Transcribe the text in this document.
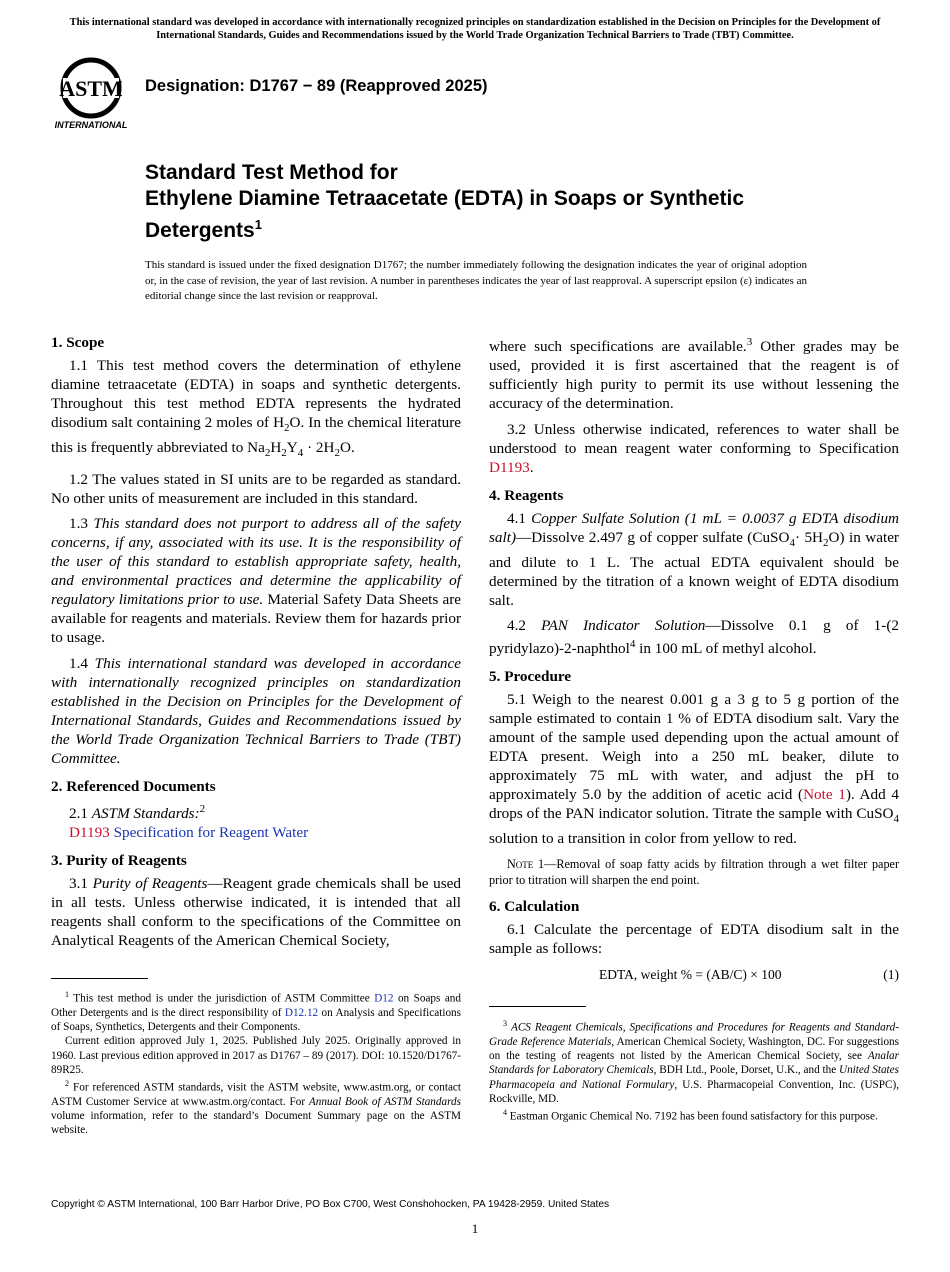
This international standard was developed in accordance with internationally recognized principles on standardization established in the Decision on Principles for the Development of International Standards, Guides and Recommendations issued by the World Trade Organization Technical Barriers to Trade (TBT) Committee.
ASTM
INTERNATIONAL
Designation: D1767 − 89 (Reapproved 2025)
Standard Test Method for
Ethylene Diamine Tetraacetate (EDTA) in Soaps or Synthetic Detergents$^1$
This standard is issued under the fixed designation D1767; the number immediately following the designation indicates the year of original adoption or, in the case of revision, the year of last revision. A number in parentheses indicates the year of last reapproval. A superscript epsilon (ε) indicates an editorial change since the last revision or reapproval.
1. Scope

1.1 This test method covers the determination of ethylene diamine tetraacetate (EDTA) in soaps and synthetic detergents. Throughout this test method EDTA represents the hydrated disodium salt containing 2 moles of $H_2O$. In the chemical literature this is frequently abbreviated to $Na_2H_2Y_4 \cdot 2H_2O$.

1.2 The values stated in SI units are to be regarded as standard. No other units of measurement are included in this standard.

1.3 This standard does not purport to address all of the safety concerns, if any, associated with its use. It is the responsibility of the user of this standard to establish appropriate safety, health, and environmental practices and determine the applicability of regulatory limitations prior to use. Material Safety Data Sheets are available for reagents and materials. Review them for hazards prior to usage.

1.4 This international standard was developed in accordance with internationally recognized principles on standardization established in the Decision on Principles for the Development of International Standards, Guides and Recommendations issued by the World Trade Organization Technical Barriers to Trade (TBT) Committee.

2. Referenced Documents

2.1 ASTM Standards:$^2$

D1193 Specification for Reagent Water

3. Purity of Reagents

3.1 Purity of Reagents—Reagent grade chemicals shall be used in all tests. Unless otherwise indicated, it is intended that all reagents shall conform to the specifications of the Committee on Analytical Reagents of the American Chemical Society,

where such specifications are available.$^3$ Other grades may be used, provided it is first ascertained that the reagent is of sufficiently high purity to permit its use without lessening the accuracy of the determination.

3.2 Unless otherwise indicated, references to water shall be understood to mean reagent water conforming to Specification D1193.

4. Reagents

4.1 Copper Sulfate Solution (1 mL = 0.0037 g EDTA disodium salt)—Dissolve 2.497 g of copper sulfate (CuSO$_4$· $5H_2O$) in water and dilute to 1 L. The actual EDTA equivalent should be determined by the titration of a known weight of EDTA disodium salt.

4.2 PAN Indicator Solution—Dissolve 0.1 g of 1-(2 pyridylazo)-2-naphthol$^4$ in 100 mL of methyl alcohol.

5. Procedure

5.1 Weigh to the nearest 0.001 g a 3 g to 5 g portion of the sample estimated to contain 1 % of EDTA disodium salt. Vary the amount of the sample used depending upon the actual amount of EDTA present. Weigh into a 250 mL beaker, dilute to approximately 75 mL with water, and adjust the pH to approximately 5.0 by the addition of acetic acid (Note 1). Add 4 drops of the PAN indicator solution. Titrate the sample with CuSO$_4$ solution to a transition in color from yellow to red.

Note 1—Removal of soap fatty acids by filtration through a wet filter paper prior to titration will sharpen the end point.

6. Calculation

6.1 Calculate the percentage of EDTA disodium salt in the sample as follows:

EDTA, weight % = (AB/C) × 100	(1)

$^1$ This test method is under the jurisdiction of ASTM Committee D12 on Soaps and Other Detergents and is the direct responsibility of D12.12 on Analysis and Specifications of Soaps, Synthetics, Detergents and their Components.

Current edition approved July 1, 2025. Published July 2025. Originally approved in 1960. Last previous edition approved in 2017 as D1767 – 89 (2017). DOI: 10.1520/D1767-89R25.

$^2$ For referenced ASTM standards, visit the ASTM website, www.astm.org, or contact ASTM Customer Service at www.astm.org/contact. For Annual Book of ASTM Standards volume information, refer to the standard’s Document Summary page on the ASTM website.

$^3$ ACS Reagent Chemicals, Specifications and Procedures for Reagents and Standard-Grade Reference Materials, American Chemical Society, Washington, DC. For suggestions on the testing of reagents not listed by the American Chemical Society, see Analar Standards for Laboratory Chemicals, BDH Ltd., Poole, Dorset, U.K., and the United States Pharmacopeia and National Formulary, U.S. Pharmacopeial Convention, Inc. (USPC), Rockville, MD.

$^4$ Eastman Organic Chemical No. 7192 has been found satisfactory for this purpose.

Copyright © ASTM International, 100 Barr Harbor Drive, PO Box C700, West Conshohocken, PA 19428-2959. United States
1
